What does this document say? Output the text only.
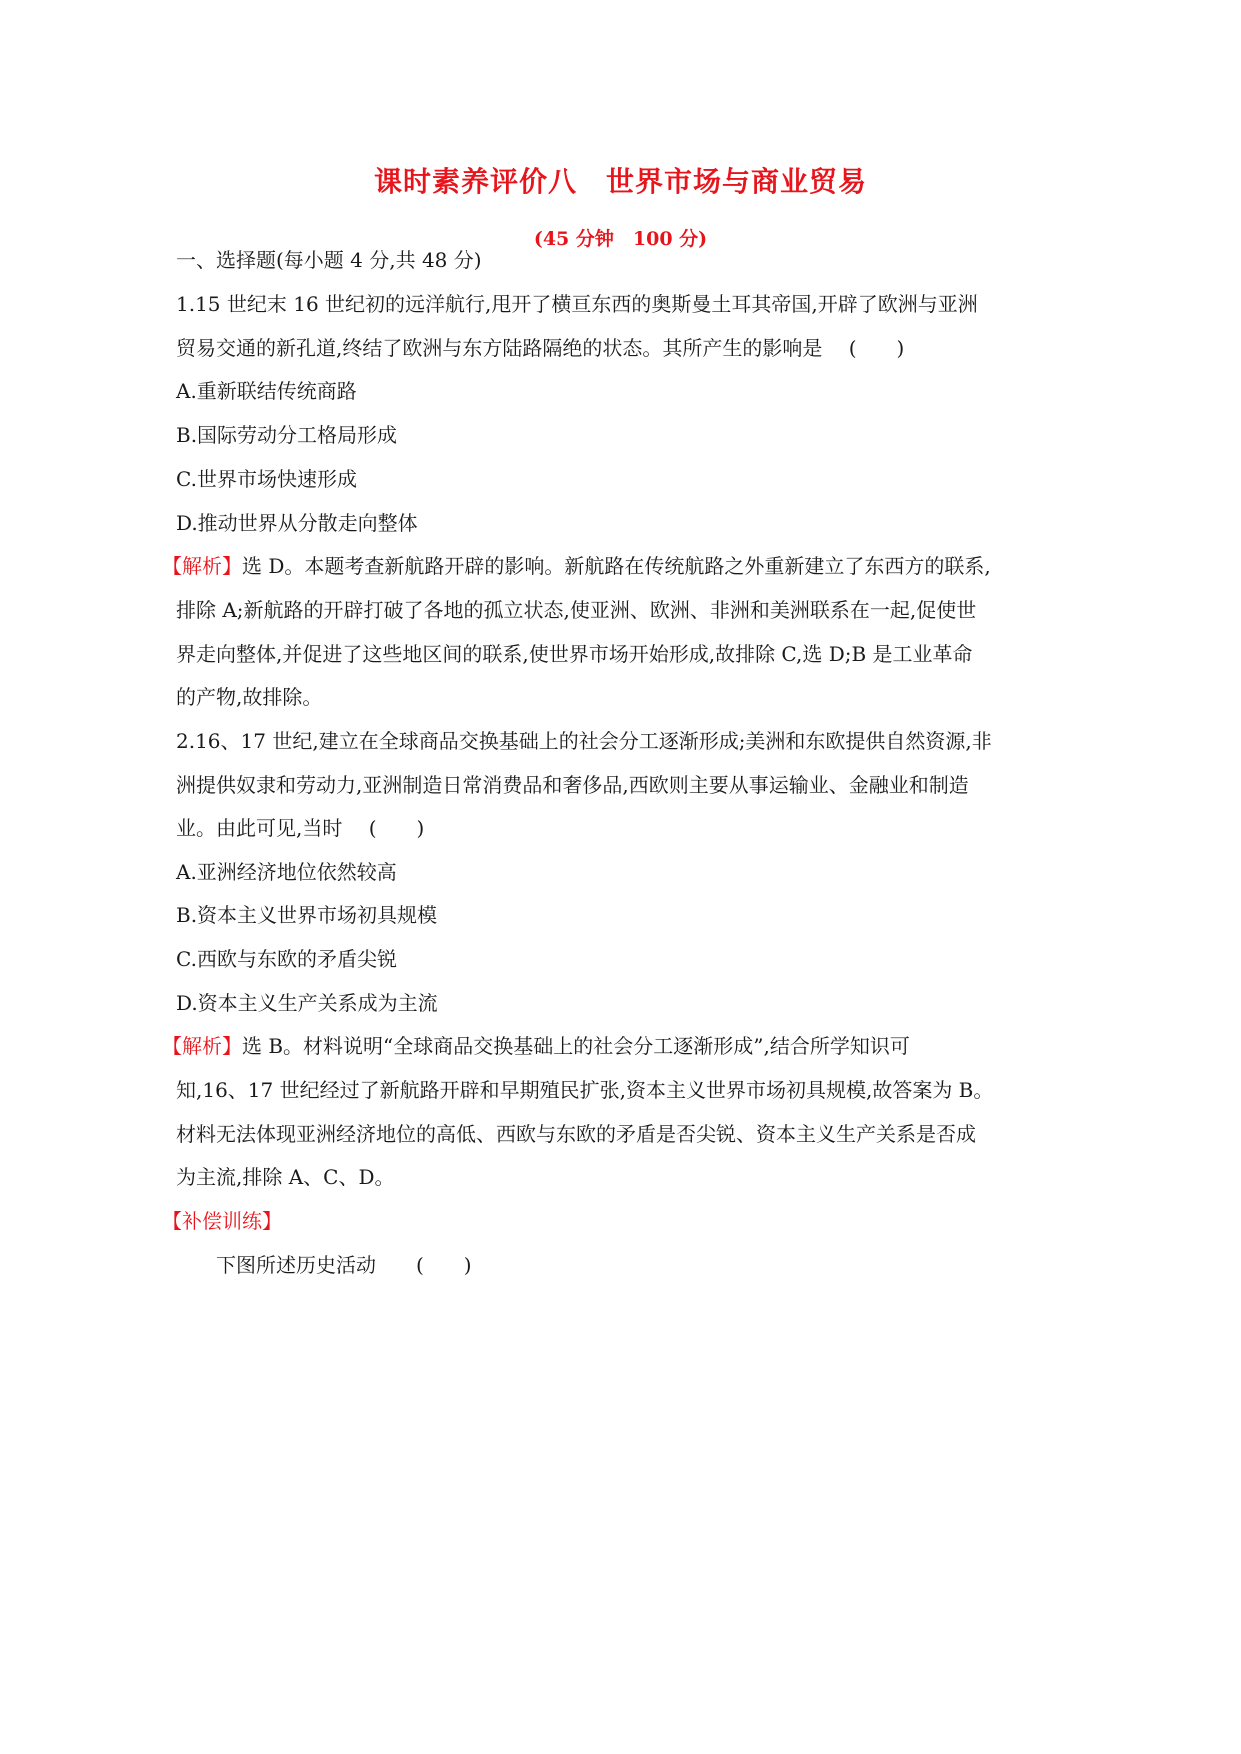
课时素养评价八　世界市场与商业贸易
(45 分钟　100 分)
一、选择题(每小题 4 分,共 48 分)
1.15 世纪末 16 世纪初的远洋航行,甩开了横亘东西的奥斯曼土耳其帝国,开辟了欧洲与亚洲
贸易交通的新孔道,终结了欧洲与东方陆路隔绝的状态。其所产生的影响是　 (　　)
A.重新联结传统商路
B.国际劳动分工格局形成
C.世界市场快速形成
D.推动世界从分散走向整体
【解析】选 D。本题考查新航路开辟的影响。新航路在传统航路之外重新建立了东西方的联系,
排除 A;新航路的开辟打破了各地的孤立状态,使亚洲、欧洲、非洲和美洲联系在一起,促使世
界走向整体,并促进了这些地区间的联系,使世界市场开始形成,故排除 C,选 D;B 是工业革命
的产物,故排除。
2.16、17 世纪,建立在全球商品交换基础上的社会分工逐渐形成;美洲和东欧提供自然资源,非
洲提供奴隶和劳动力,亚洲制造日常消费品和奢侈品,西欧则主要从事运输业、金融业和制造
业。由此可见,当时　 (　　)
A.亚洲经济地位依然较高
B.资本主义世界市场初具规模
C.西欧与东欧的矛盾尖锐
D.资本主义生产关系成为主流
【解析】选 B。材料说明“全球商品交换基础上的社会分工逐渐形成”,结合所学知识可
知,16、17 世纪经过了新航路开辟和早期殖民扩张,资本主义世界市场初具规模,故答案为 B。
材料无法体现亚洲经济地位的高低、西欧与东欧的矛盾是否尖锐、资本主义生产关系是否成
为主流,排除 A、C、D。
【补偿训练】
下图所述历史活动　　(　　)
